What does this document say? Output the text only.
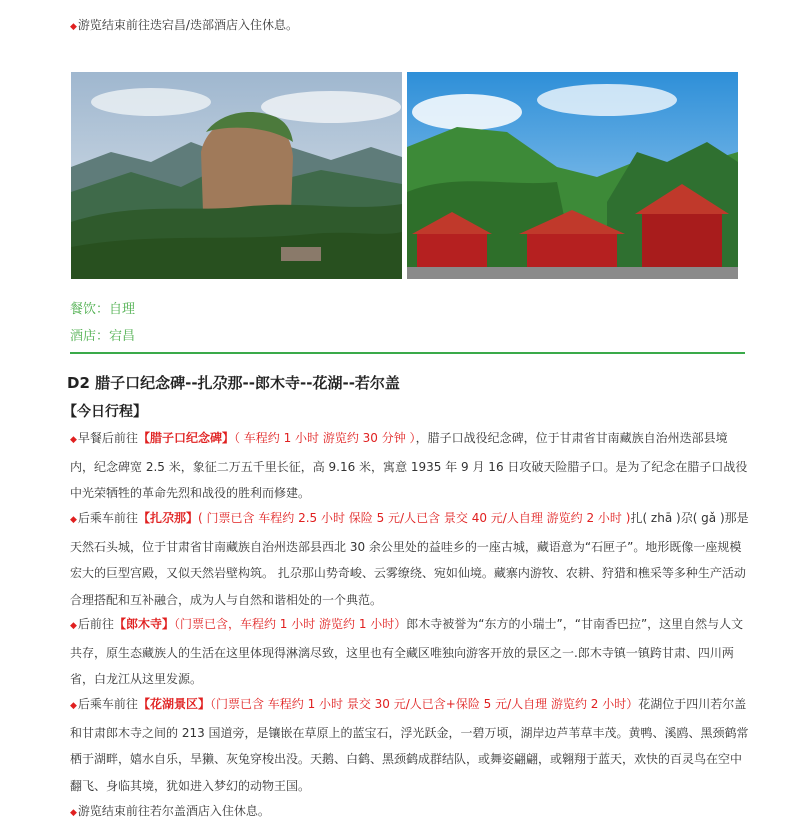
◆游览结束前往迭宕昌/迭部酒店入住休息。
餐饮：自理
酒店：宕昌
D2 腊子口纪念碑--扎尕那--郎木寺--花湖--若尔盖
【今日行程】
◆早餐后前往【腊子口纪念碑】（ 车程约 1 小时 游览约 30 分钟 ），腊子口战役纪念碑，位于甘肃省甘南藏族自治州迭部县境内，纪念碑宽 2.5 米，象征二万五千里长征，高 9.16 米，寓意 1935 年 9 月 16 日攻破天险腊子口。是为了纪念在腊子口战役中光荣牺牲的革命先烈和战役的胜利而修建。
◆后乘车前往【扎尕那】( 门票已含 车程约 2.5 小时 保险 5 元/人已含 景交 40 元/人自理 游览约 2 小时 )扎( zhā )尕( gǎ )那是天然石头城，位于甘肃省甘南藏族自治州迭部县西北 30 余公里处的益哇乡的一座古城，藏语意为“石匣子”。地形既像一座规模宏大的巨型宫殿，又似天然岩壁构筑。 扎尕那山势奇峻、云雾缭绕、宛如仙境。藏寨内游牧、农耕、狩猎和樵采等多种生产活动合理搭配和互补融合，成为人与自然和谐相处的一个典范。
◆后前往【郎木寺】（门票已含，车程约 1 小时 游览约 1 小时）郎木寺被誉为“东方的小瑞士”，“甘南香巴拉”，这里自然与人文共存，原生态藏族人的生活在这里体现得淋漓尽致，这里也有全藏区唯独向游客开放的景区之一.郎木寺镇一镇跨甘肃、四川两省，白龙江从这里发源。
◆后乘车前往【花湖景区】（门票已含 车程约 1 小时 景交 30 元/人已含+保险 5 元/人自理 游览约 2 小时）花湖位于四川若尔盖和甘肃郎木寺之间的 213 国道旁，是镶嵌在草原上的蓝宝石，浮光跃金，一碧万顷，湖岸边芦苇草丰茂。黄鸭、溪鸥、黑颈鹤常栖于湖畔，嬉水自乐，旱獭、灰兔穿梭出没。天鹅、白鹤、黑颈鹤成群结队，或舞姿翩翩，或翱翔于蓝天，欢快的百灵鸟在空中翻飞、身临其境，犹如进入梦幻的动物王国。
◆游览结束前往若尔盖酒店入住休息。
